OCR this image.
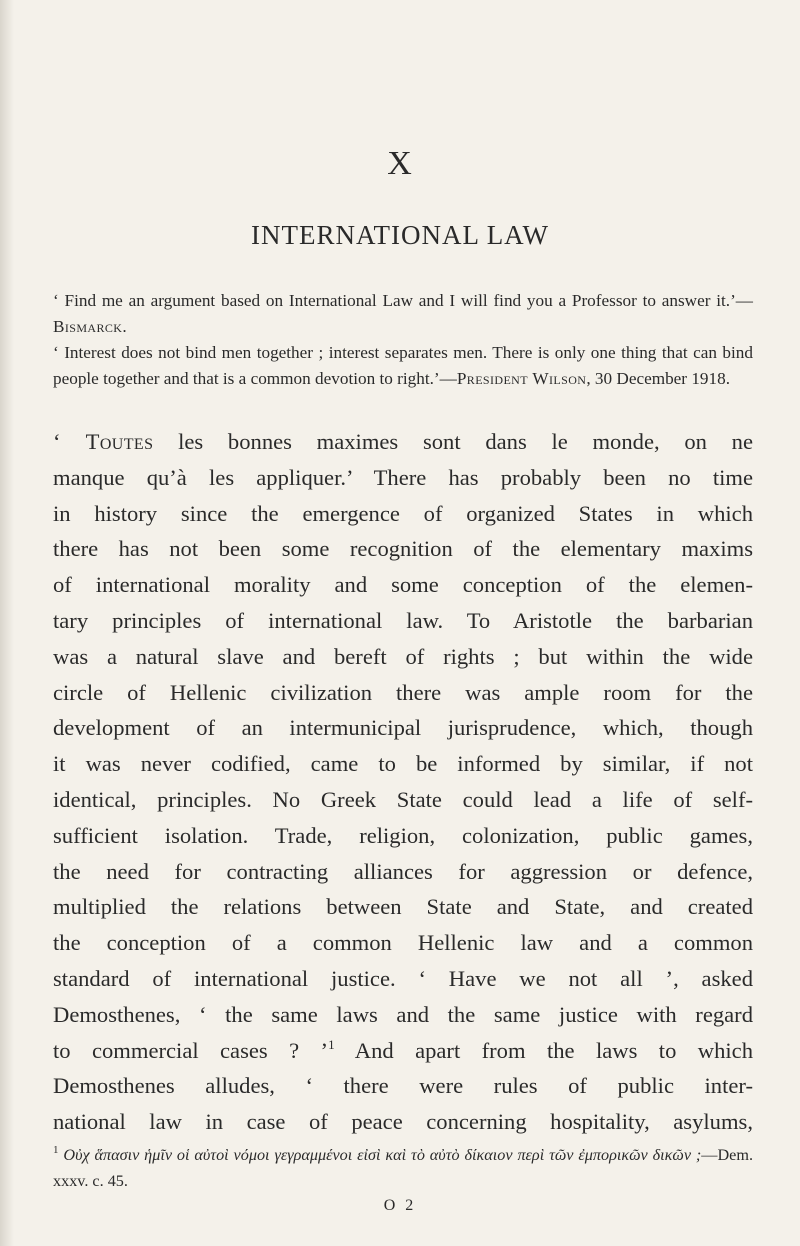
X
INTERNATIONAL LAW

‘ Find me an argument based on International Law and I will find you a Professor to answer it.’—Bismarck.

‘ Interest does not bind men together ; interest separates men. There is only one thing that can bind people together and that is a common devotion to right.’—President Wilson, 30 December 1918.

‘ Toutes les bonnes maximes sont dans le monde, on ne
manque qu’à les appliquer.’ There has probably been no time
in history since the emergence of organized States in which
there has not been some recognition of the elementary maxims
of international morality and some conception of the elemen-
tary principles of international law. To Aristotle the barbarian
was a natural slave and bereft of rights ; but within the wide
circle of Hellenic civilization there was ample room for the
development of an intermunicipal jurisprudence, which, though
it was never codified, came to be informed by similar, if not
identical, principles. No Greek State could lead a life of self-
sufficient isolation. Trade, religion, colonization, public games,
the need for contracting alliances for aggression or defence,
multiplied the relations between State and State, and created
the conception of a common Hellenic law and a common
standard of international justice. ‘ Have we not all ’, asked
Demosthenes, ‘ the same laws and the same justice with regard
to commercial cases ? ’$^1$ And apart from the laws to which
Demosthenes alludes, ‘ there were rules of public inter-
national law in case of peace concerning hospitality, asylums,

$^1$ Οὐχ ἅπασιν ἡμῖν οἱ αὐτοὶ νόμοι γεγραμμένοι εἰσὶ καὶ τὸ αὐτὸ δίκαιον περὶ τῶν ἐμπορικῶν δικῶν ;—Dem. xxxv. c. 45.

O 2
